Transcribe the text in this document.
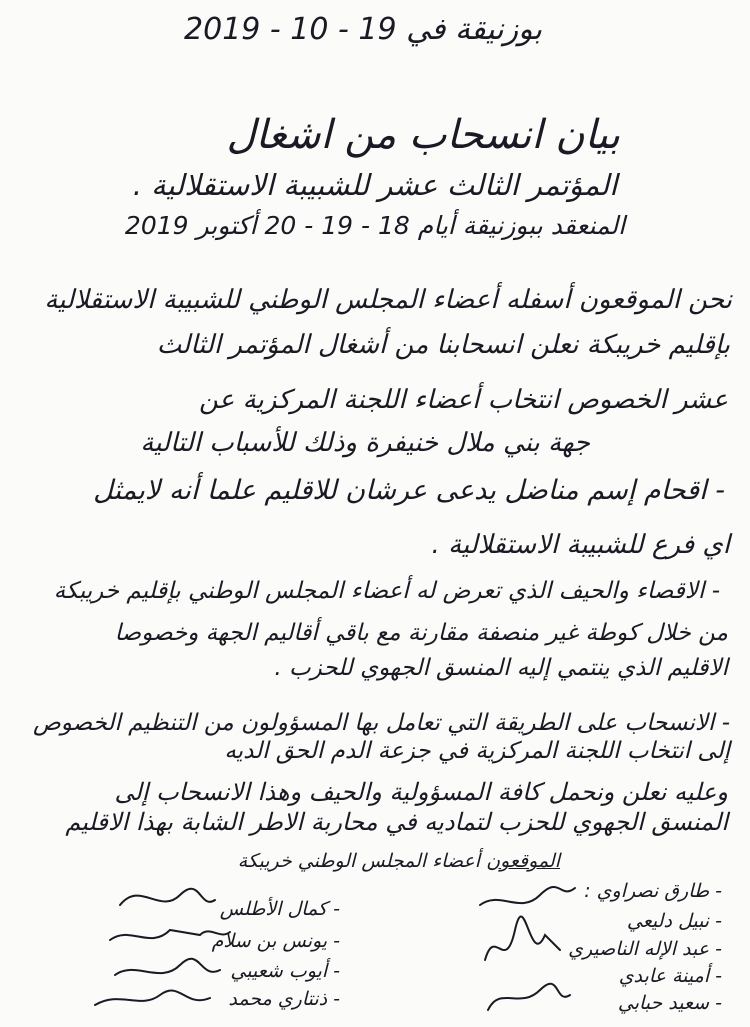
بوزنيقة في 19 - 10 - 2019
بيان انسحاب من اشغال
المؤتمر الثالث عشر للشبيبة الاستقلالية .
المنعقد ببوزنيقة أيام 18 - 19 - 20 أكتوبر 2019
نحن الموقعون أسفله أعضاء المجلس الوطني للشبيبة الاستقلالية
بإقليم خريبكة نعلن انسحابنا من أشغال المؤتمر الثالث
عشر الخصوص انتخاب أعضاء اللجنة المركزية عن
جهة بني ملال خنيفرة وذلك للأسباب التالية
- اقحام إسم مناضل يدعى عرشان للاقليم علما أنه لايمثل
اي فرع للشبيبة الاستقلالية .
- الاقصاء والحيف الذي تعرض له أعضاء المجلس الوطني بإقليم خريبكة
من خلال كوطة غير منصفة مقارنة مع باقي أقاليم الجهة وخصوصا
الاقليم الذي ينتمي إليه المنسق الجهوي للحزب .
- الانسحاب على الطريقة التي تعامل بها المسؤولون من التنظيم الخصوص
إلى انتخاب اللجنة المركزية في جزعة الدم الحق الديه
وعليه نعلن ونحمل كافة المسؤولية والحيف وهذا الانسحاب إلى
المنسق الجهوي للحزب لتماديه في محاربة الاطر الشابة بهذا الاقليم
الموقعون أعضاء المجلس الوطني خريبكة
- طارق نصراوي :
- نبيل دليعي
- عبد الإله الناصيري
- أمينة عابدي
- سعيد حبابي
- كمال الأطلس
- يونس بن سلام
- أيوب شعيبي
- ذنتاري محمد
